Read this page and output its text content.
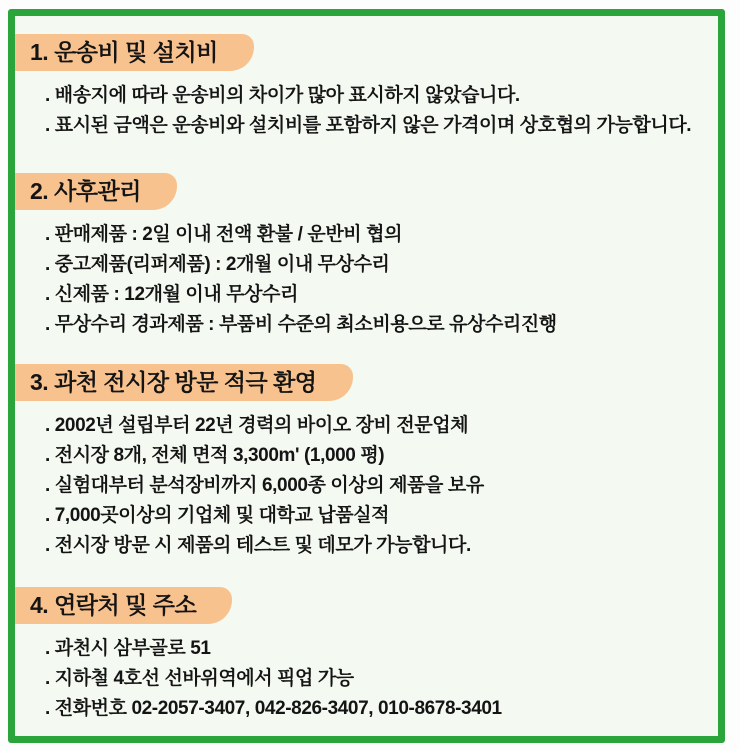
1. 운송비 및 설치비

. 배송지에 따라 운송비의 차이가 많아 표시하지 않았습니다.

. 표시된 금액은 운송비와 설치비를 포함하지 않은 가격이며 상호협의 가능합니다.

2. 사후관리

. 판매제품 : 2일 이내 전액 환불 / 운반비 협의

. 중고제품(리퍼제품) : 2개월 이내 무상수리

. 신제품 : 12개월 이내 무상수리

. 무상수리 경과제품 : 부품비 수준의 최소비용으로 유상수리진행

3. 과천 전시장 방문 적극 환영

. 2002년 설립부터 22년 경력의 바이오 장비 전문업체

. 전시장 8개, 전체 면적 3,300m' (1,000 평)

. 실험대부터 분석장비까지 6,000종 이상의 제품을 보유

. 7,000곳이상의 기업체 및 대학교 납품실적

. 전시장 방문 시 제품의 테스트 및 데모가 가능합니다.

4. 연락처 및 주소

. 과천시 삼부골로 51

. 지하철 4호선 선바위역에서 픽업 가능

. 전화번호 02-2057-3407, 042-826-3407, 010-8678-3401
